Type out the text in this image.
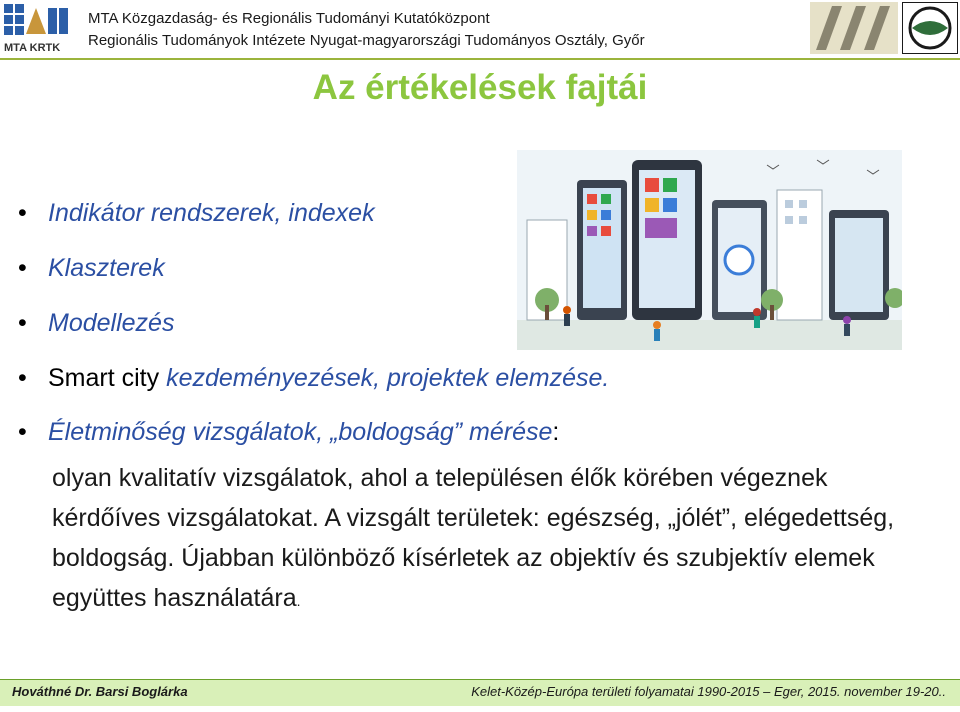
MTA KRTK
MTA Közgazdaság- és Regionális Tudományi Kutatóközpont
Regionális Tudományok Intézete Nyugat-magyarországi Tudományos Osztály, Győr
Az értékelések fajtái
• Indikátor rendszerek, indexek
• Klaszterek
• Modellezés
• Smart city kezdeményezések, projektek elemzése.
• Életminőség vizsgálatok, „boldogság” mérése:
olyan kvalitatív vizsgálatok, ahol a településen élők körében végeznek kérdőíves vizsgálatokat. A vizsgált területek: egészség, „jólét”, elégedettség, boldogság. Újabban különböző kísérletek az objektív és szubjektív elemek együttes használatára.
Hováthné Dr. Barsi Boglárka	Kelet-Közép-Európa területi folyamatai 1990-2015 – Eger, 2015. november 19-20..
